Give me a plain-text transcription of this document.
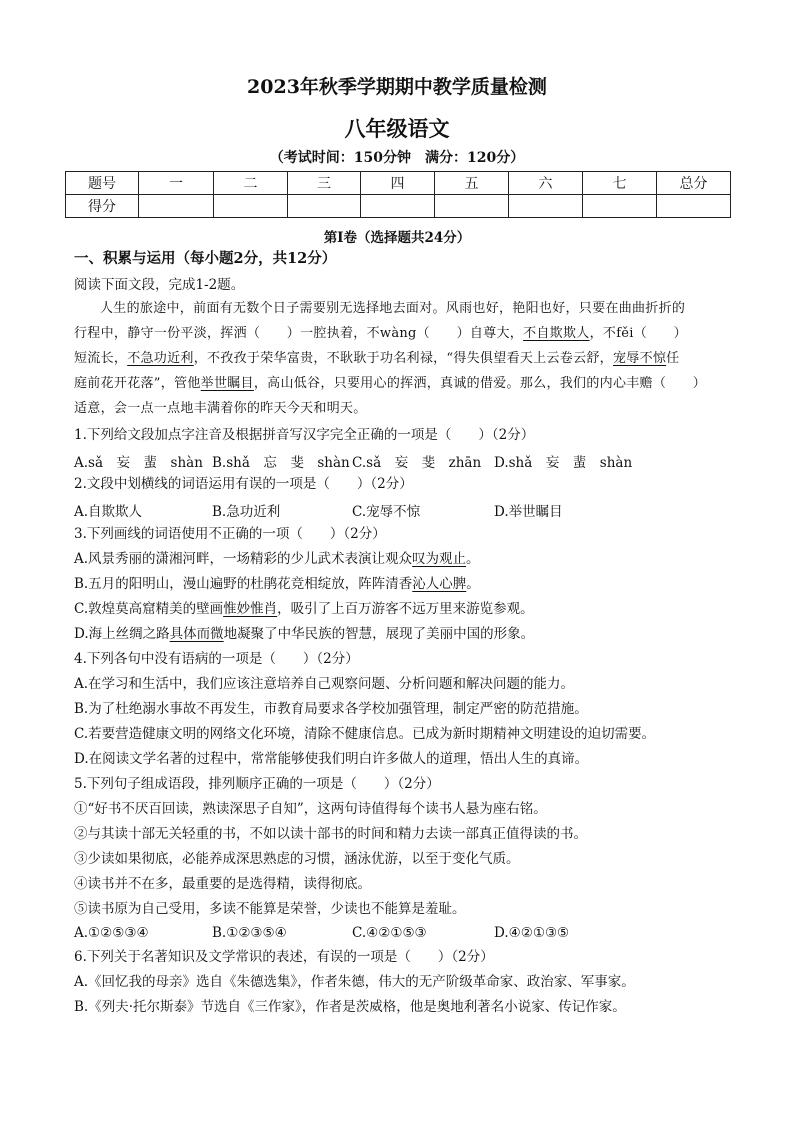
2023年秋季学期期中教学质量检测
八年级语文
（考试时间：150分钟　满分：120分）
题号	一	二	三	四	五	六	七	总分
得分								
第Ⅰ卷（选择题共24分）
一、积累与运用（每小题2分，共12分）
阅读下面文段，完成1-2题。
人生的旅途中，前面有无数个日子需要别无选择地去面对。风雨也好，艳阳也好，只要在曲曲折折的
行程中，静守一份平淡，挥洒（　　）一腔执着，不wàng（　　）自尊大，不自欺欺人，不fěi（　　）
短流长，不急功近利，不孜孜于荣华富贵，不耿耿于功名利禄，“得失俱望看天上云卷云舒，宠辱不惊任
庭前花开花落”，管他举世瞩目，高山低谷，只要用心的挥洒，真诚的借爱。那么，我们的内心丰赡（　　）
适意，会一点一点地丰满着你的昨天今天和明天。
1.下列给文段加点字注音及根据拼音写汉字完全正确的一项是（　　）（2分）
A.sǎ　妄　蜚　shàn B.shǎ　忘　斐　shàn C.sǎ　妄　斐　zhān D.shǎ　妄　蜚　shàn
2.文段中划横线的词语运用有误的一项是（　　）（2分）
A.自欺欺人	B.急功近利	C.宠辱不惊	D.举世瞩目
3.下列画线的词语使用不正确的一项（　　）（2分）
A.风景秀丽的潇湘河畔，一场精彩的少儿武术表演让观众叹为观止。
B.五月的阳明山，漫山遍野的杜鹃花竞相绽放，阵阵清香沁人心脾。
C.敦煌莫高窟精美的壁画惟妙惟肖，吸引了上百万游客不远万里来游览参观。
D.海上丝绸之路具体而微地凝聚了中华民族的智慧，展现了美丽中国的形象。
4.下列各句中没有语病的一项是（　　）（2分）
A.在学习和生活中，我们应该注意培养自己观察问题、分析问题和解决问题的能力。
B.为了杜绝溺水事故不再发生，市教育局要求各学校加强管理，制定严密的防范措施。
C.若要营造健康文明的网络文化环境，清除不健康信息。已成为新时期精神文明建设的迫切需要。
D.在阅读文学名著的过程中，常常能够使我们明白许多做人的道理，悟出人生的真谛。
5.下列句子组成语段，排列顺序正确的一项是（　　）（2分）
①“好书不厌百回读，熟读深思子自知”，这两句诗值得每个读书人悬为座右铭。
②与其读十部无关轻重的书，不如以读十部书的时间和精力去读一部真正值得读的书。
③少读如果彻底，必能养成深思熟虑的习惯，涵泳优游，以至于变化气质。
④读书并不在多，最重要的是选得精，读得彻底。
⑤读书原为自己受用，多读不能算是荣誉，少读也不能算是羞耻。
A.①②⑤③④	B.①②③⑤④	C.④②①⑤③	D.④②①③⑤
6.下列关于名著知识及文学常识的表述，有误的一项是（　　）（2分）
A.《回忆我的母亲》选自《朱德选集》，作者朱德，伟大的无产阶级革命家、政治家、军事家。
B.《列夫·托尔斯泰》节选自《三作家》，作者是茨威格，他是奥地利著名小说家、传记作家。
